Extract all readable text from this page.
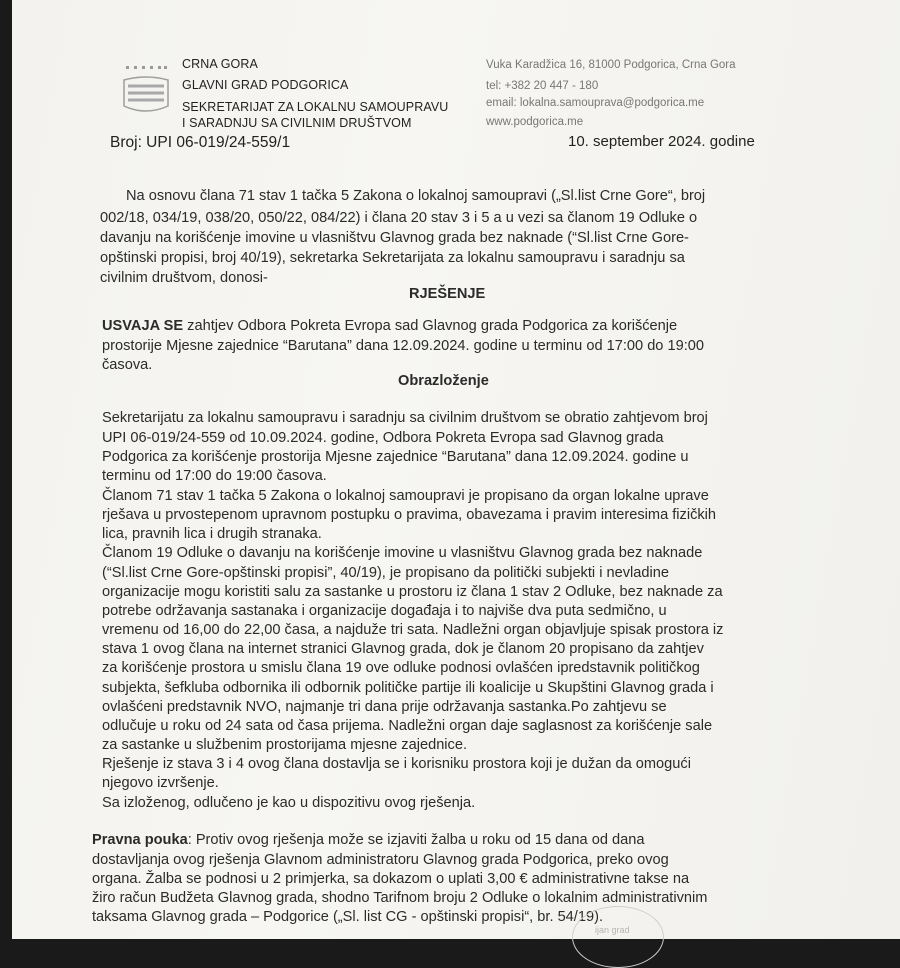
CRNA GORA
GLAVNI GRAD PODGORICA
SEKRETARIJAT ZA LOKALNU SAMOUPRAVU
I SARADNJU SA CIVILNIM DRUŠTVOM
Vuka Karadžica 16, 81000 Podgorica, Crna Gora
tel: +382 20 447 - 180
email: lokalna.samouprava@podgorica.me
www.podgorica.me
Broj: UPI 06-019/24-559/1	10. september 2024. godine
Na osnovu člana 71 stav 1 tačka 5 Zakona o lokalnoj samoupravi („Sl.list Crne Gore“, broj
002/18, 034/19, 038/20, 050/22, 084/22) i člana 20 stav 3 i 5 a u vezi sa članom 19 Odluke o
davanju na korišćenje imovine u vlasništvu Glavnog grada bez naknade (“Sl.list Crne Gore-
opštinski propisi, broj 40/19), sekretarka Sekretarijata za lokalnu samoupravu i saradnju sa
civilnim društvom, donosi-
RJEŠENJE
USVAJA SE zahtjev Odbora Pokreta Evropa sad Glavnog grada Podgorica za korišćenje
prostorije Mjesne zajednice “Barutana” dana 12.09.2024. godine u terminu od 17:00 do 19:00
časova.
Obrazloženje
Sekretarijatu za lokalnu samoupravu i saradnju sa civilnim društvom se obratio zahtjevom broj
UPI 06-019/24-559 od 10.09.2024. godine, Odbora Pokreta Evropa sad Glavnog grada
Podgorica za korišćenje prostorija Mjesne zajednice “Barutana” dana 12.09.2024. godine u
terminu od 17:00 do 19:00 časova.
Članom 71 stav 1 tačka 5 Zakona o lokalnoj samoupravi je propisano da organ lokalne uprave
rješava u prvostepenom upravnom postupku o pravima, obavezama i pravim interesima fizičkih
lica, pravnih lica i drugih stranaka.
Članom 19 Odluke o davanju na korišćenje imovine u vlasništvu Glavnog grada bez naknade
(“Sl.list Crne Gore-opštinski propisi”, 40/19), je propisano da politički subjekti i nevladine
organizacije mogu koristiti salu za sastanke u prostoru iz člana 1 stav 2 Odluke, bez naknade za
potrebe održavanja sastanaka i organizacije događaja i to najviše dva puta sedmično, u
vremenu od 16,00 do 22,00 časa, a najduže tri sata. Nadležni organ objavljuje spisak prostora iz
stava 1 ovog člana na internet stranici Glavnog grada, dok je članom 20 propisano da zahtjev
za korišćenje prostora u smislu člana 19 ove odluke podnosi ovlašćen ipredstavnik političkog
subjekta, šefkluba odbornika ili odbornik političke partije ili koalicije u Skupštini Glavnog grada i
ovlašćeni predstavnik NVO, najmanje tri dana prije održavanja sastanka.Po zahtjevu se
odlučuje u roku od 24 sata od časa prijema. Nadležni organ daje saglasnost za korišćenje sale
za sastanke u službenim prostorijama mjesne zajednice.
Rješenje iz stava 3 i 4 ovog člana dostavlja se i korisniku prostora koji je dužan da omogući
njegovo izvršenje.
Sa izloženog, odlučeno je kao u dispozitivu ovog rješenja.
Pravna pouka: Protiv ovog rješenja može se izjaviti žalba u roku od 15 dana od dana
dostavljanja ovog rješenja Glavnom administratoru Glavnog grada Podgorica, preko ovog
organa. Žalba se podnosi u 2 primjerka, sa dokazom o uplati 3,00 € administrativne takse na
žiro račun Budžeta Glavnog grada, shodno Tarifnom broju 2 Odluke o lokalnim administrativnim
taksama Glavnog grada – Podgorice („Sl. list CG - opštinski propisi“, br. 54/19).
ijan grad
